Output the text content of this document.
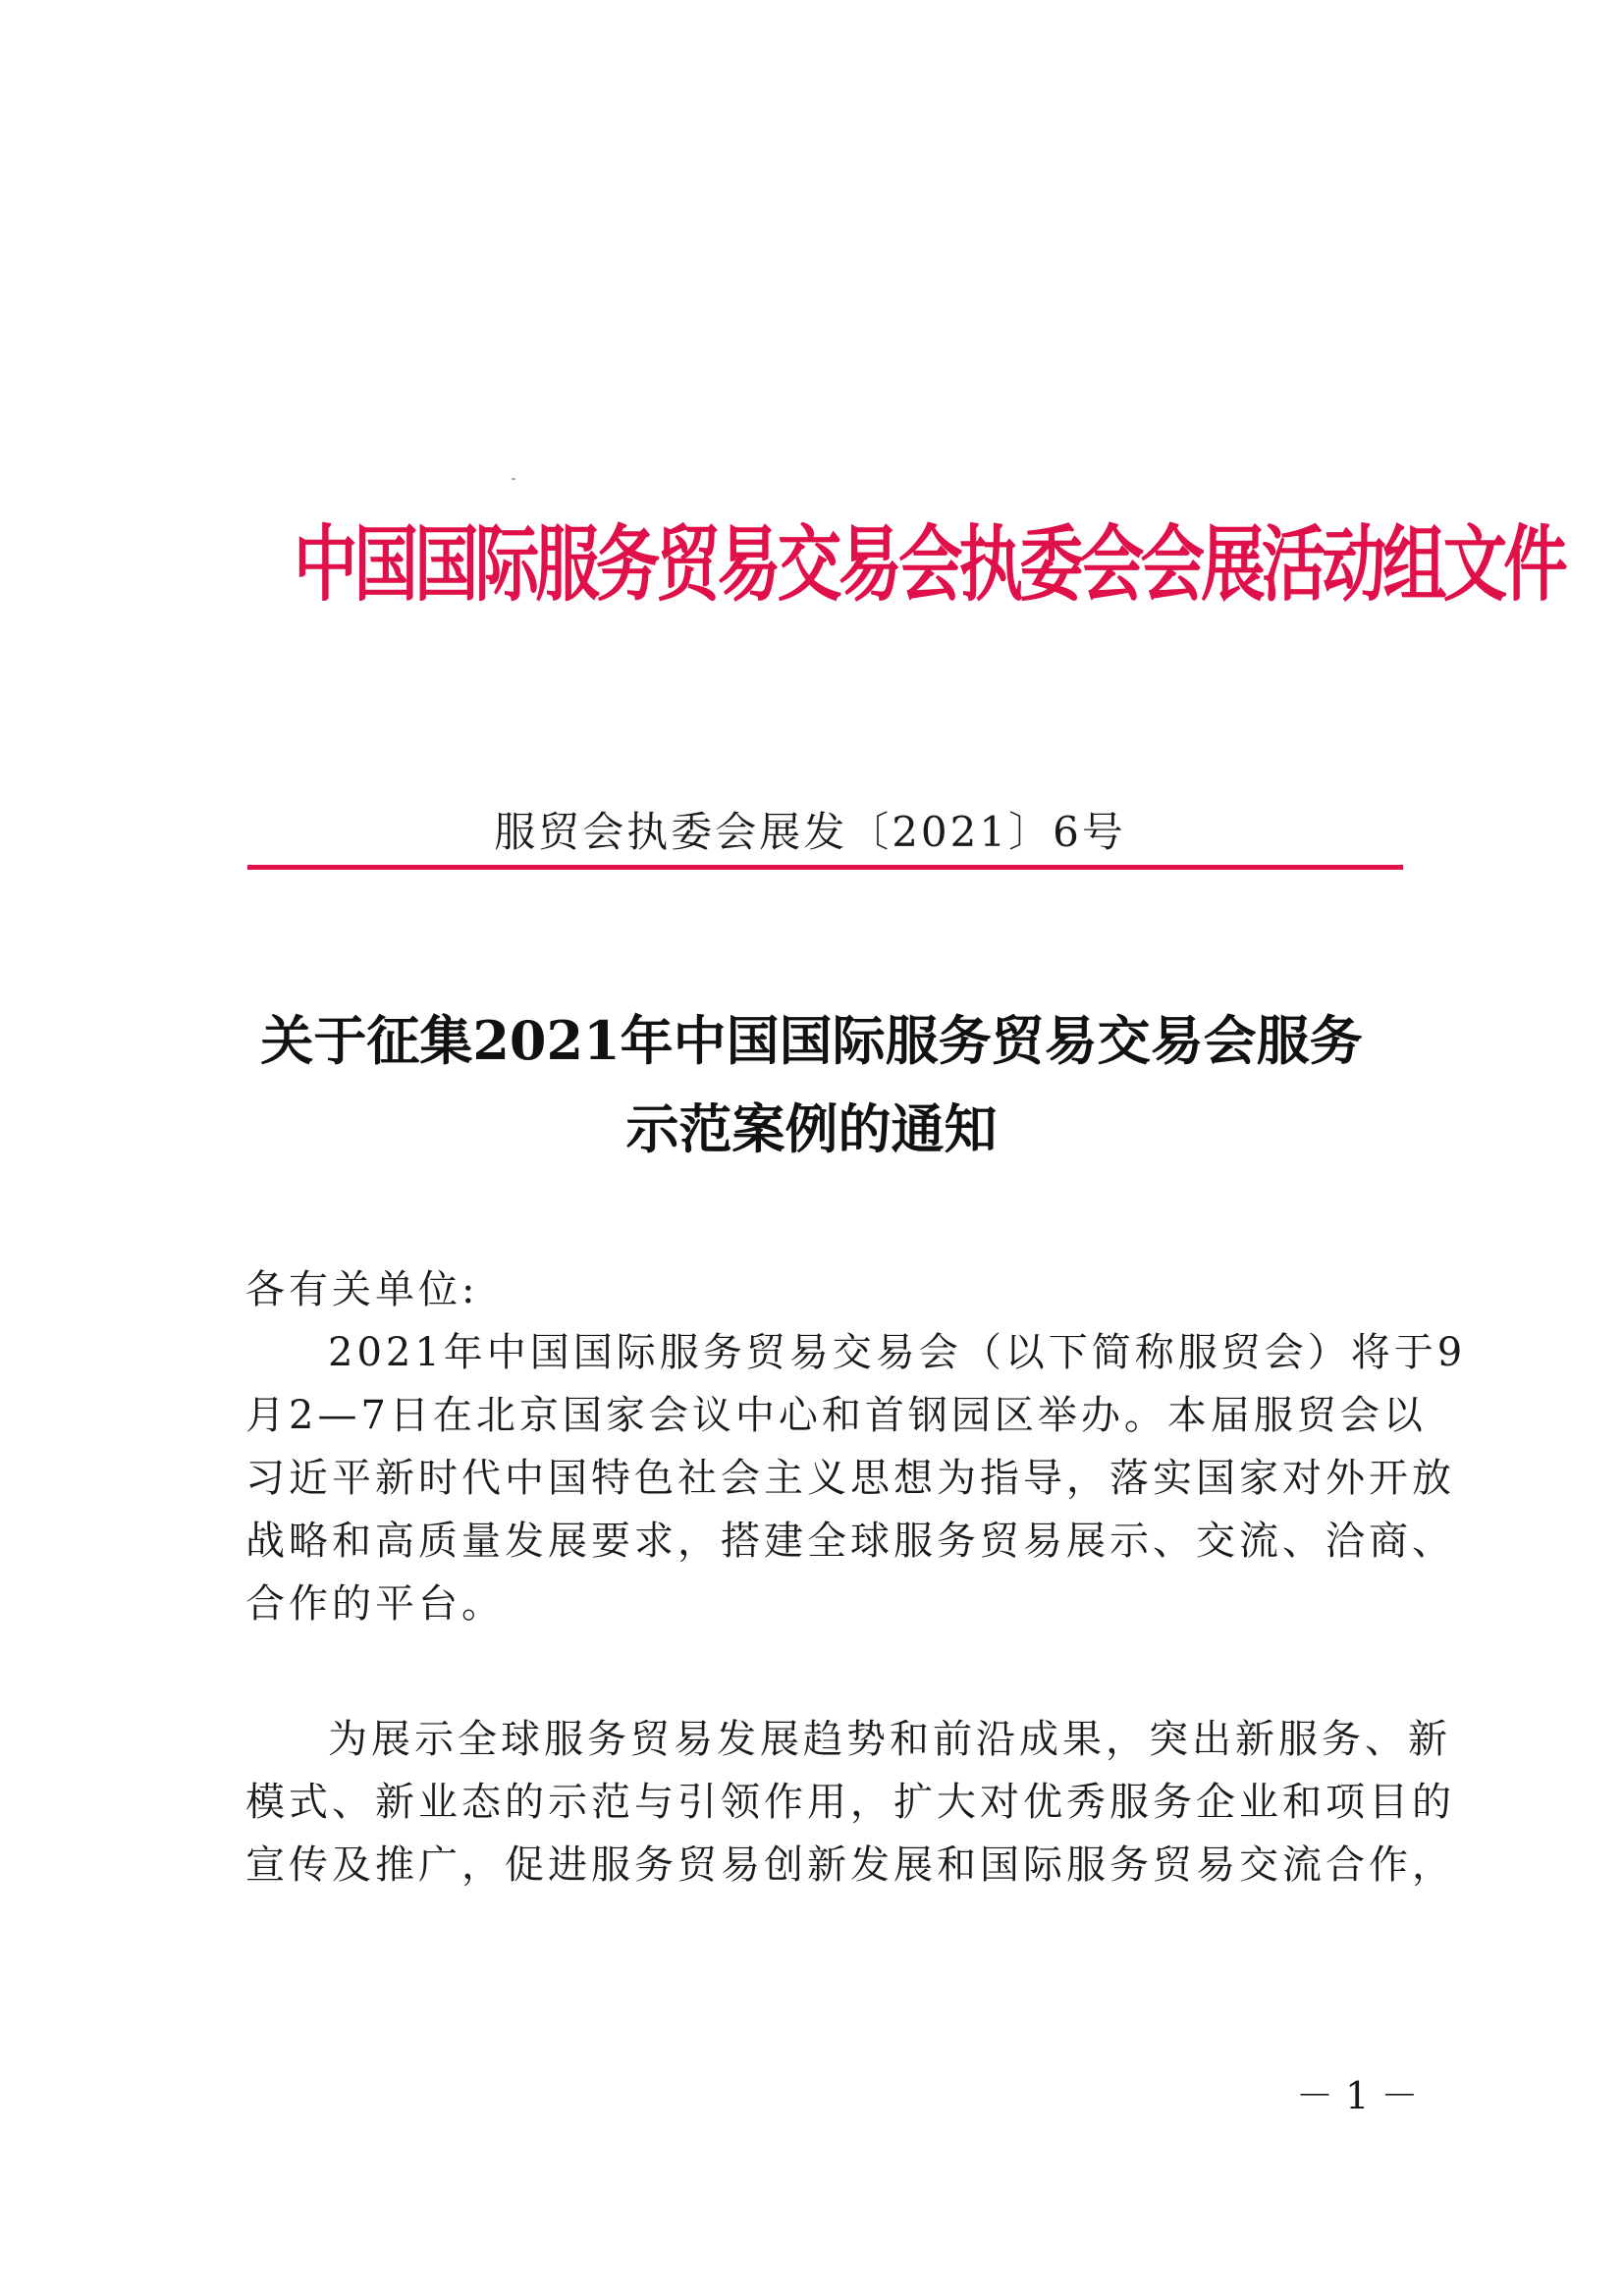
中国国际服务贸易交易会执委会会展活动组文件
服贸会执委会展发〔2021〕6号
关于征集2021年中国国际服务贸易交易会服务
示范案例的通知
各有关单位:
2021年中国国际服务贸易交易会（以下简称服贸会）将于9
月2—7日在北京国家会议中心和首钢园区举办。本届服贸会以
习近平新时代中国特色社会主义思想为指导，落实国家对外开放
战略和高质量发展要求，搭建全球服务贸易展示、交流、洽商、
合作的平台。
为展示全球服务贸易发展趋势和前沿成果，突出新服务、新
模式、新业态的示范与引领作用，扩大对优秀服务企业和项目的
宣传及推广，促进服务贸易创新发展和国际服务贸易交流合作，
－ 1 －
